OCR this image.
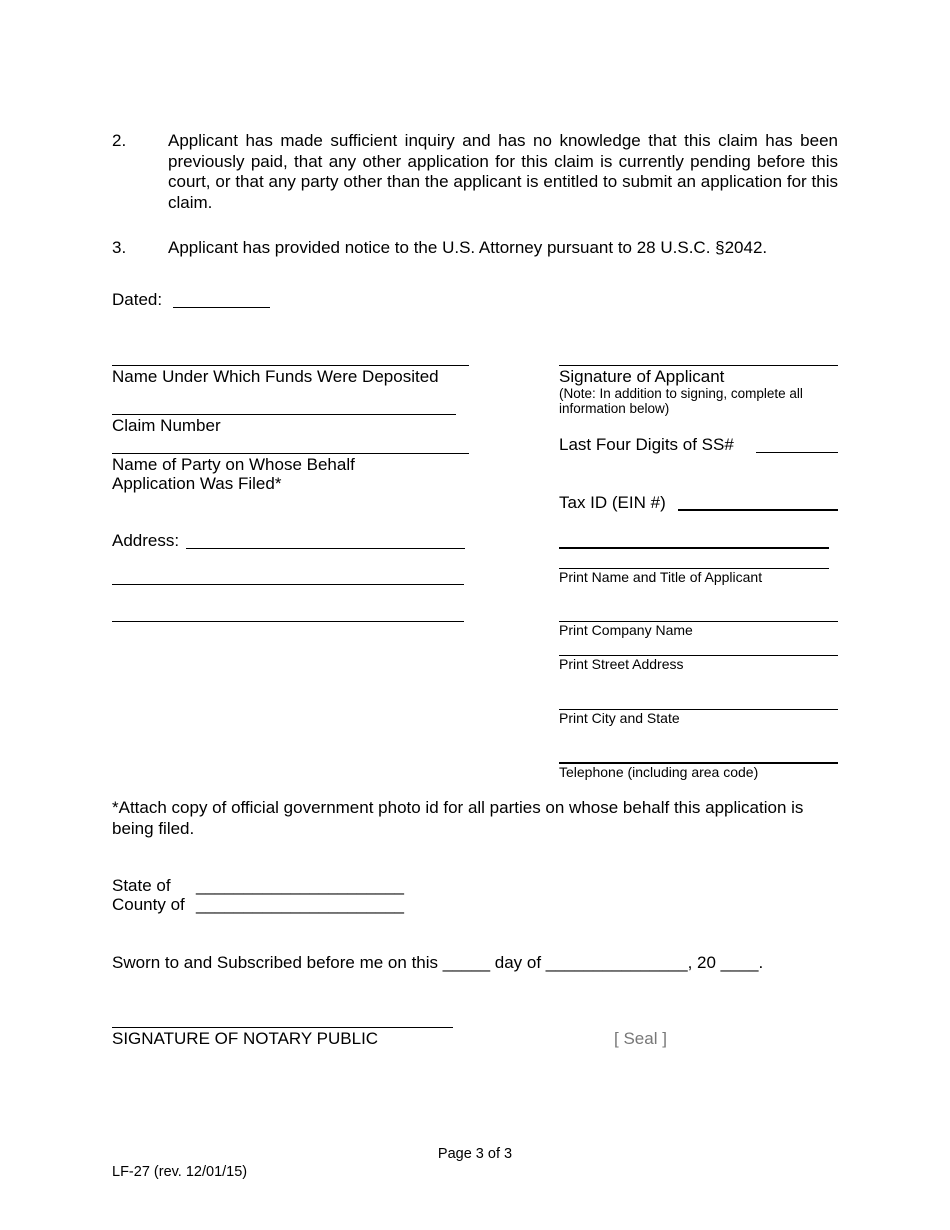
2. Applicant has made sufficient inquiry and has no knowledge that this claim has been previously paid, that any other application for this claim is currently pending before this court, or that any party other than the applicant is entitled to submit an application for this claim.
3. Applicant has provided notice to the U.S. Attorney pursuant to 28 U.S.C. §2042.
Dated:
Name Under Which Funds Were Deposited
Claim Number
Name of Party on Whose Behalf
Application Was Filed*
Address:
Signature of Applicant
(Note: In addition to signing, complete all information below)
Last Four Digits of SS#
Tax ID (EIN #)
Print Name and Title of Applicant
Print Company Name
Print Street Address
Print City and State
Telephone (including area code)
*Attach copy of official government photo id for all parties on whose behalf this application is being filed.
State of ______________________
County of ______________________
Sworn to and Subscribed before me on this _____ day of _______________, 20 ____.
SIGNATURE OF NOTARY PUBLIC	[ Seal ]
Page 3 of 3
LF-27 (rev. 12/01/15)
